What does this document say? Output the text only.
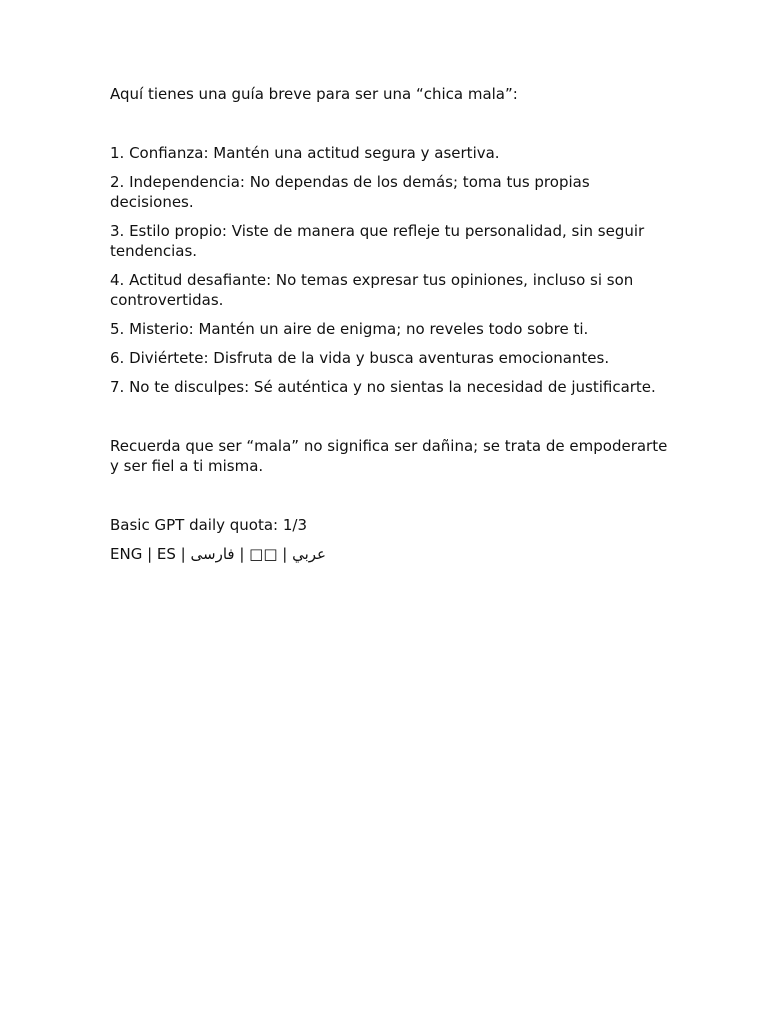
Aquí tienes una guía breve para ser una “chica mala”:

1. Confianza: Mantén una actitud segura y asertiva.
2. Independencia: No dependas de los demás; toma tus propias decisiones.
3. Estilo propio: Viste de manera que refleje tu personalidad, sin seguir tendencias.
4. Actitud desafiante: No temas expresar tus opiniones, incluso si son controvertidas.
5. Misterio: Mantén un aire de enigma; no reveles todo sobre ti.
6. Diviértete: Disfruta de la vida y busca aventuras emocionantes.
7. No te disculpes: Sé auténtica y no sientas la necesidad de justificarte.

Recuerda que ser “mala” no significa ser dañina; se trata de empoderarte y ser fiel a ti misma.

Basic GPT daily quota: 1/3

ENG | ES | عربي | □□ | فارسی
